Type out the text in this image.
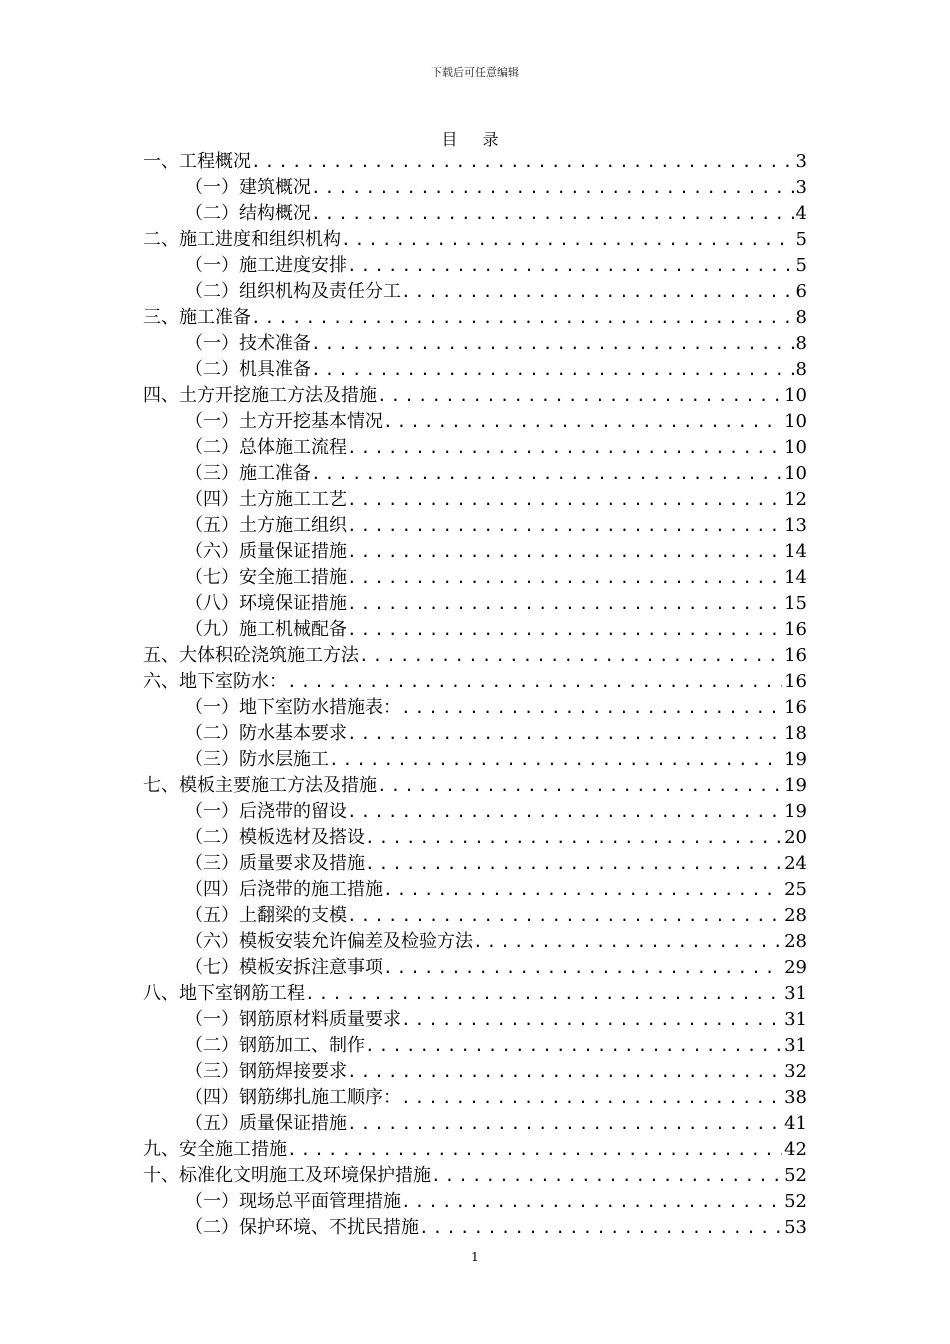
下载后可任意编辑
目 录
一、工程概况 .....	3
（一）建筑概况 .....	3
（二）结构概况 .....	4
二、施工进度和组织机构 .....	5
（一）施工进度安排 .....	5
（二）组织机构及责任分工 .....	6
三、施工准备 .....	8
（一）技术准备 .....	8
（二）机具准备 .....	8
四、土方开挖施工方法及措施 .....	10
（一）土方开挖基本情况 .....	10
（二）总体施工流程 .....	10
（三）施工准备 .....	10
（四）土方施工工艺 .....	12
（五）土方施工组织 .....	13
（六）质量保证措施 .....	14
（七）安全施工措施 .....	14
（八）环境保证措施 .....	15
（九）施工机械配备 .....	16
五、大体积砼浇筑施工方法 .....	16
六、地下室防水： .....	16
（一）地下室防水措施表： .....	16
（二）防水基本要求 .....	18
（三）防水层施工 .....	19
七、模板主要施工方法及措施 .....	19
（一）后浇带的留设 .....	19
（二）模板选材及搭设 .....	20
（三）质量要求及措施 .....	24
（四）后浇带的施工措施 .....	25
（五）上翻梁的支模 .....	28
（六）模板安装允许偏差及检验方法 .....	28
（七）模板安拆注意事项 .....	29
八、地下室钢筋工程 .....	31
（一）钢筋原材料质量要求 .....	31
（二）钢筋加工、制作 .....	31
（三）钢筋焊接要求 .....	32
（四）钢筋绑扎施工顺序： .....	38
（五）质量保证措施 .....	41
九、安全施工措施 .....	42
十、标准化文明施工及环境保护措施 .....	52
（一）现场总平面管理措施 .....	52
（二）保护环境、不扰民措施 .....	53
1
